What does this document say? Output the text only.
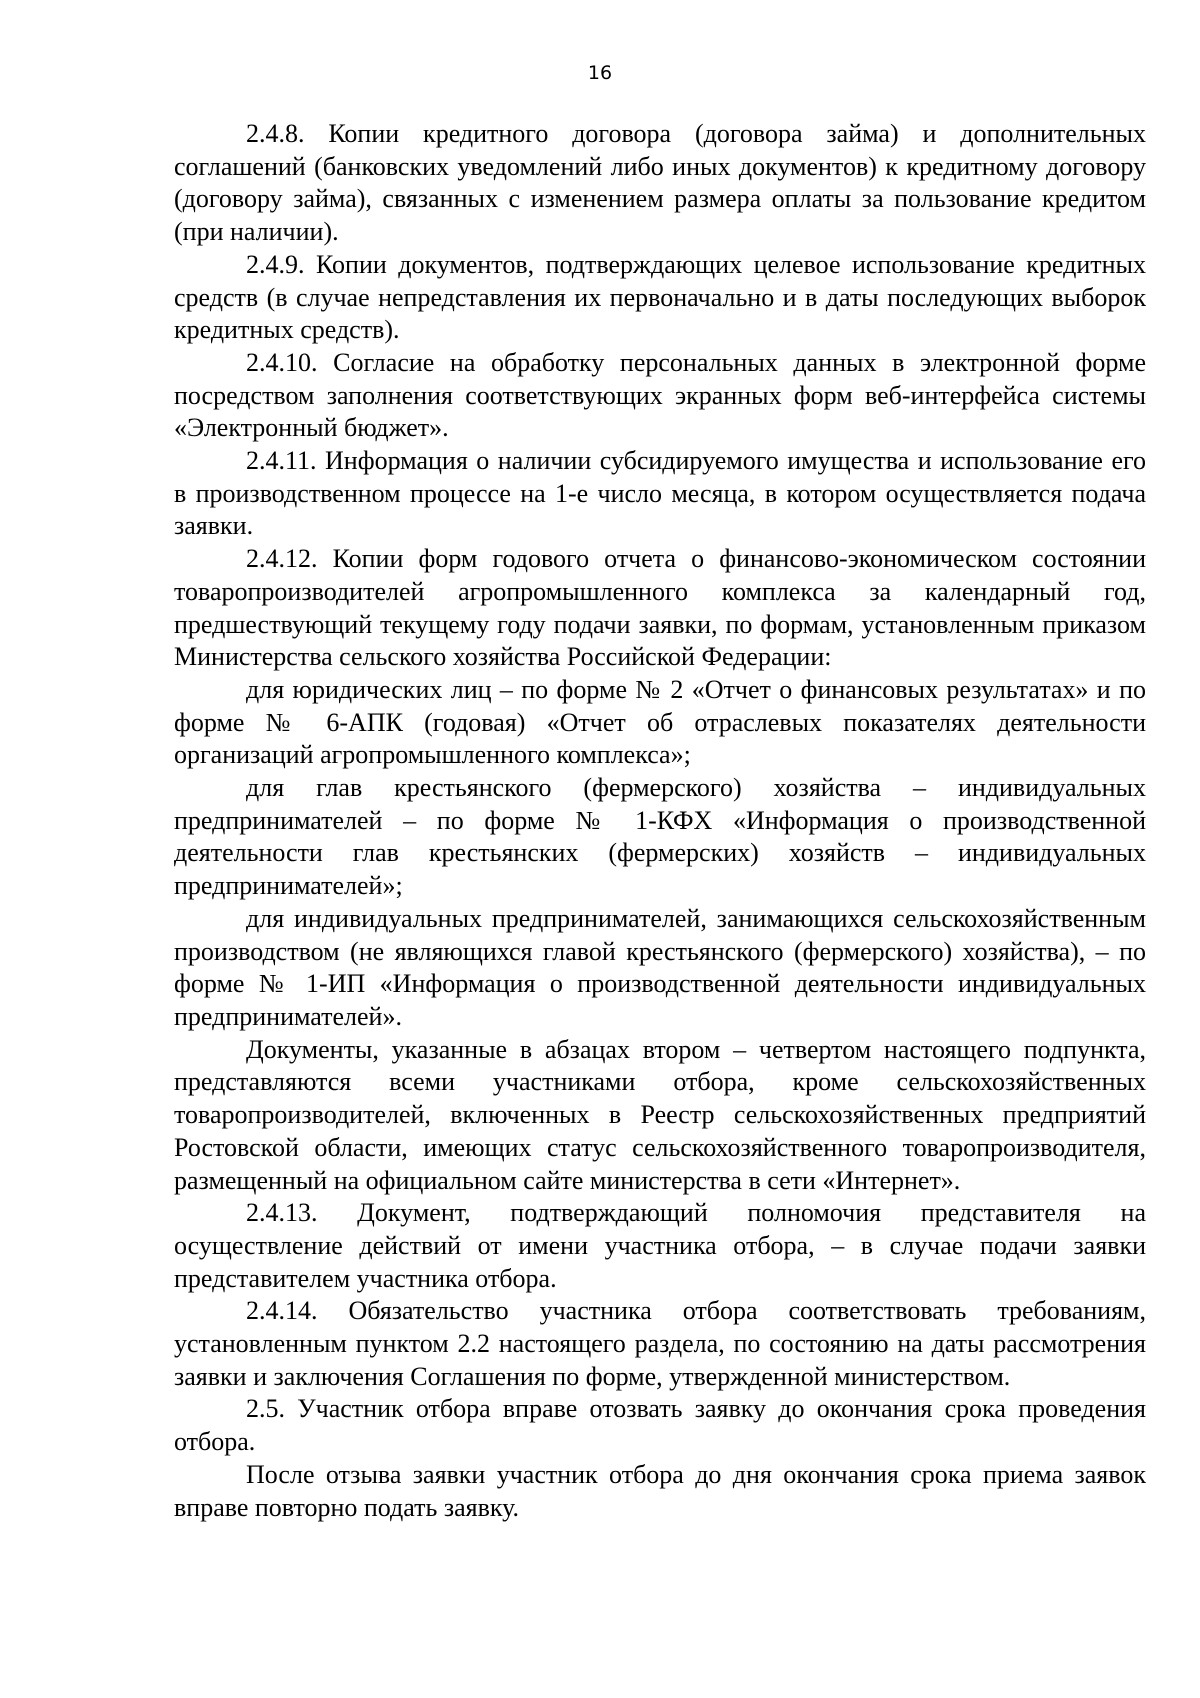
16

2.4.8. Копии кредитного договора (договора займа) и дополнительных соглашений (банковских уведомлений либо иных документов) к кредитному договору (договору займа), связанных с изменением размера оплаты за пользование кредитом (при наличии).

2.4.9. Копии документов, подтверждающих целевое использование кредитных средств (в случае непредставления их первоначально и в даты последующих выборок кредитных средств).

2.4.10. Согласие на обработку персональных данных в электронной форме посредством заполнения соответствующих экранных форм веб-интерфейса системы «Электронный бюджет».

2.4.11. Информация о наличии субсидируемого имущества и использование его в производственном процессе на 1-е число месяца, в котором осуществляется подача заявки.

2.4.12. Копии форм годового отчета о финансово-экономическом состоянии товаропроизводителей агропромышленного комплекса за календарный год, предшествующий текущему году подачи заявки, по формам, установленным приказом Министерства сельского хозяйства Российской Федерации:

для юридических лиц – по форме № 2 «Отчет о финансовых результатах» и по форме № 6-АПК (годовая) «Отчет об отраслевых показателях деятельности организаций агропромышленного комплекса»;

для глав крестьянского (фермерского) хозяйства – индивидуальных предпринимателей – по форме № 1-КФХ «Информация о производственной деятельности глав крестьянских (фермерских) хозяйств – индивидуальных предпринимателей»;

для индивидуальных предпринимателей, занимающихся сельскохозяйственным производством (не являющихся главой крестьянского (фермерского) хозяйства), – по форме № 1-ИП «Информация о производственной деятельности индивидуальных предпринимателей».

Документы, указанные в абзацах втором – четвертом настоящего подпункта, представляются всеми участниками отбора, кроме сельскохозяйственных товаропроизводителей, включенных в Реестр сельскохозяйственных предприятий Ростовской области, имеющих статус сельскохозяйственного товаропроизводителя, размещенный на официальном сайте министерства в сети «Интернет».

2.4.13. Документ, подтверждающий полномочия представителя на осуществление действий от имени участника отбора, – в случае подачи заявки представителем участника отбора.

2.4.14. Обязательство участника отбора соответствовать требованиям, установленным пунктом 2.2 настоящего раздела, по состоянию на даты рассмотрения заявки и заключения Соглашения по форме, утвержденной министерством.

2.5. Участник отбора вправе отозвать заявку до окончания срока проведения отбора.

После отзыва заявки участник отбора до дня окончания срока приема заявок вправе повторно подать заявку.
